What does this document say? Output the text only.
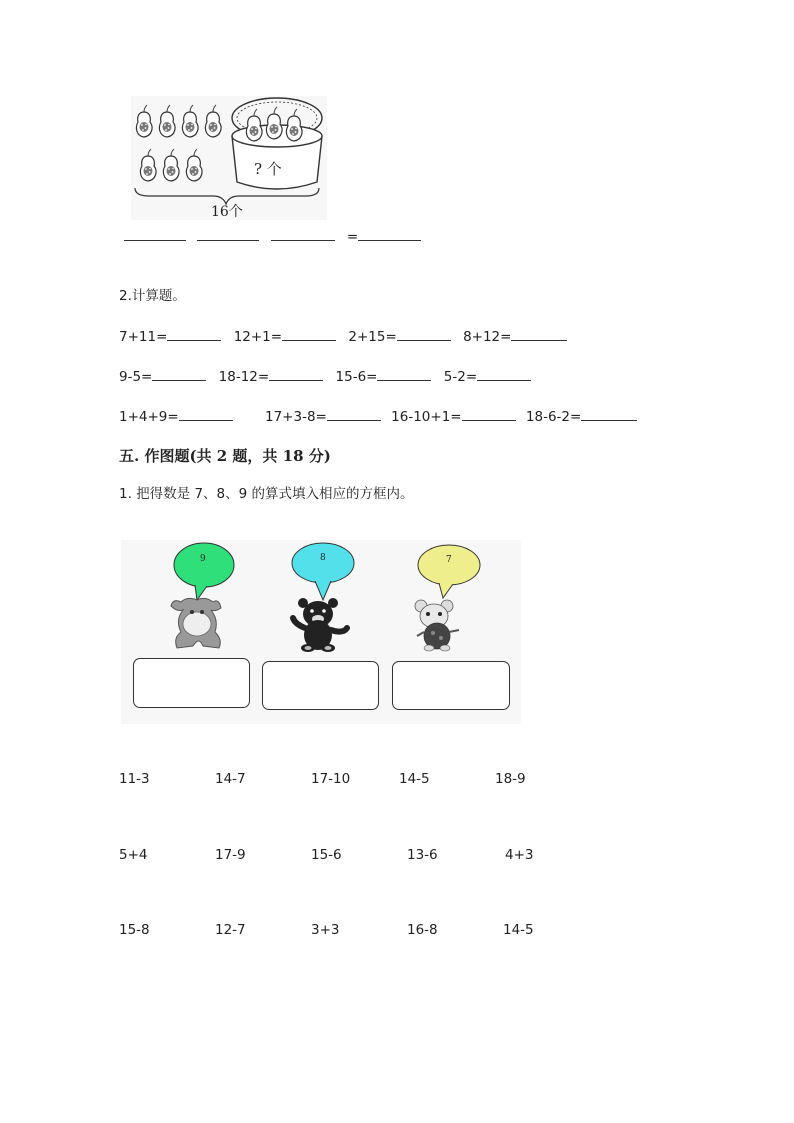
? 个
16个
=
2.计算题。
7+11=	12+1=	2+15=	8+12=
9-5=	18-12=	15-6=	5-2=
1+4+9=	17+3-8=	16-10+1=	18-6-2=
五. 作图题(共 2 题，共 18 分)
1. 把得数是 7、8、9 的算式填入相应的方框内。
9	8	7
11-3	14-7	17-10	14-5	18-9
5+4	17-9	15-6	13-6	4+3
15-8	12-7	3+3	16-8	14-5
